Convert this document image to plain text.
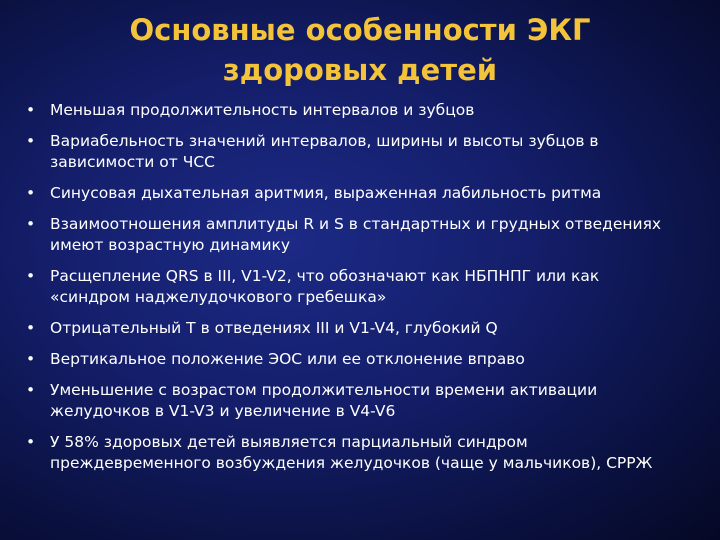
Основные особенности ЭКГ
здоровых детей
• Меньшая продолжительность интервалов и зубцов
• Вариабельность значений интервалов, ширины и высоты зубцов в
зависимости от ЧСС
• Синусовая дыхательная аритмия, выраженная лабильность ритма
• Взаимоотношения амплитуды R и S в стандартных и грудных отведениях
имеют возрастную динамику
• Расщепление QRS в III, V1-V2, что обозначают как НБПНПГ или как
«синдром наджелудочкового гребешка»
• Отрицательный Т в отведениях III и V1-V4, глубокий Q
• Вертикальное положение ЭОС или ее отклонение вправо
• Уменьшение с возрастом продолжительности времени активации
желудочков в V1-V3 и увеличение в V4-V6
• У 58% здоровых детей выявляется парциальный синдром
преждевременного возбуждения желудочков (чаще у мальчиков), СРРЖ
